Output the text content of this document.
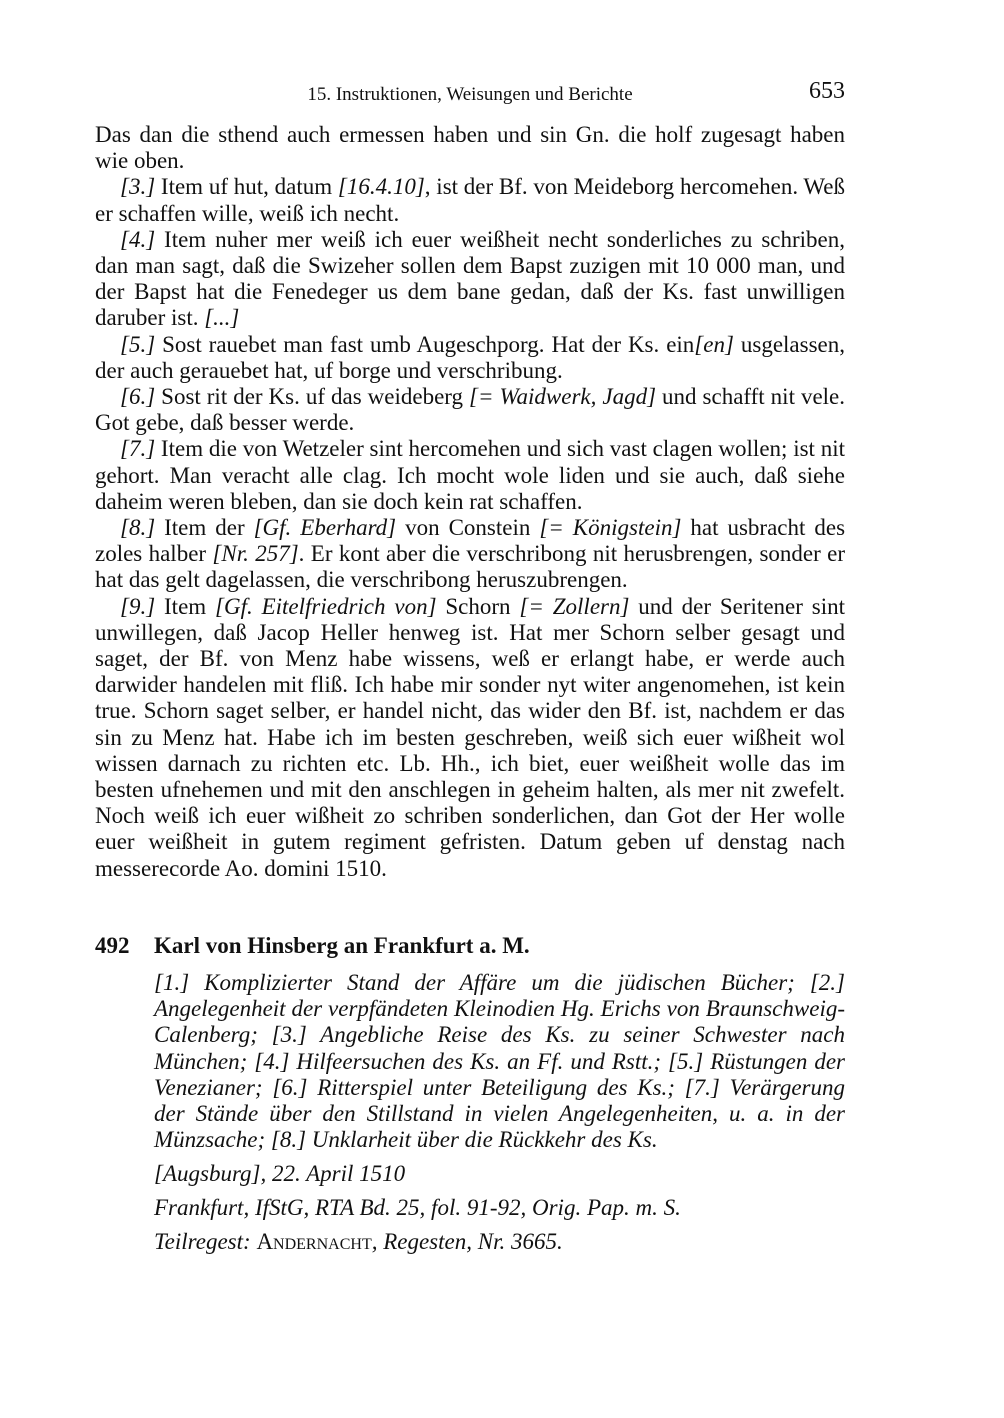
15. Instruktionen, Weisungen und Berichte	653

Das dan die sthend auch ermessen haben und sin Gn. die holf zugesagt haben wie oben.

[3.] Item uf hut, datum [16.4.10], ist der Bf. von Meideborg hercomehen. Weß er schaffen wille, weiß ich necht.

[4.] Item nuher mer weiß ich euer weißheit necht sonderliches zu schriben, dan man sagt, daß die Swizeher sollen dem Bapst zuzigen mit 10 000 man, und der Bapst hat die Fenedeger us dem bane gedan, daß der Ks. fast unwilligen daruber ist. [...]

[5.] Sost rauebet man fast umb Augeschporg. Hat der Ks. ein[en] usgelassen, der auch gerauebet hat, uf borge und verschribung.

[6.] Sost rit der Ks. uf das weideberg [= Waidwerk, Jagd] und schafft nit vele. Got gebe, daß besser werde.

[7.] Item die von Wetzeler sint hercomehen und sich vast clagen wollen; ist nit gehort. Man veracht alle clag. Ich mocht wole liden und sie auch, daß siehe daheim weren bleben, dan sie doch kein rat schaffen.

[8.] Item der [Gf. Eberhard] von Constein [= Königstein] hat usbracht des zoles halber [Nr. 257]. Er kont aber die verschribong nit herusbrengen, sonder er hat das gelt dagelassen, die verschribong heruszubrengen.

[9.] Item [Gf. Eitelfriedrich von] Schorn [= Zollern] und der Seritener sint unwillegen, daß Jacop Heller henweg ist. Hat mer Schorn selber gesagt und saget, der Bf. von Menz habe wissens, weß er erlangt habe, er werde auch darwider handelen mit fliß. Ich habe mir sonder nyt witer angenomehen, ist kein true. Schorn saget selber, er handel nicht, das wider den Bf. ist, nachdem er das sin zu Menz hat. Habe ich im besten geschreben, weiß sich euer wißheit wol wissen darnach zu richten etc. Lb. Hh., ich biet, euer weißheit wolle das im besten ufnehemen und mit den anschlegen in geheim halten, als mer nit zwefelt. Noch weiß ich euer wißheit zo schriben sonderlichen, dan Got der Her wolle euer weißheit in gutem regiment gefristen. Datum geben uf denstag nach messerecorde Ao. domini 1510.

492	Karl von Hinsberg an Frankfurt a. M.

[1.] Komplizierter Stand der Affäre um die jüdischen Bücher; [2.] Angelegenheit der verpfändeten Kleinodien Hg. Erichs von Braunschweig-Calenberg; [3.] Angebliche Reise des Ks. zu seiner Schwester nach München; [4.] Hilfeersuchen des Ks. an Ff. und Rstt.; [5.] Rüstungen der Venezianer; [6.] Ritterspiel unter Beteiligung des Ks.; [7.] Verärgerung der Stände über den Stillstand in vielen Angelegenheiten, u. a. in der Münzsache; [8.] Unklarheit über die Rückkehr des Ks.

[Augsburg], 22. April 1510

Frankfurt, IfStG, RTA Bd. 25, fol. 91-92, Orig. Pap. m. S.

Teilregest: Andernacht, Regesten, Nr. 3665.
